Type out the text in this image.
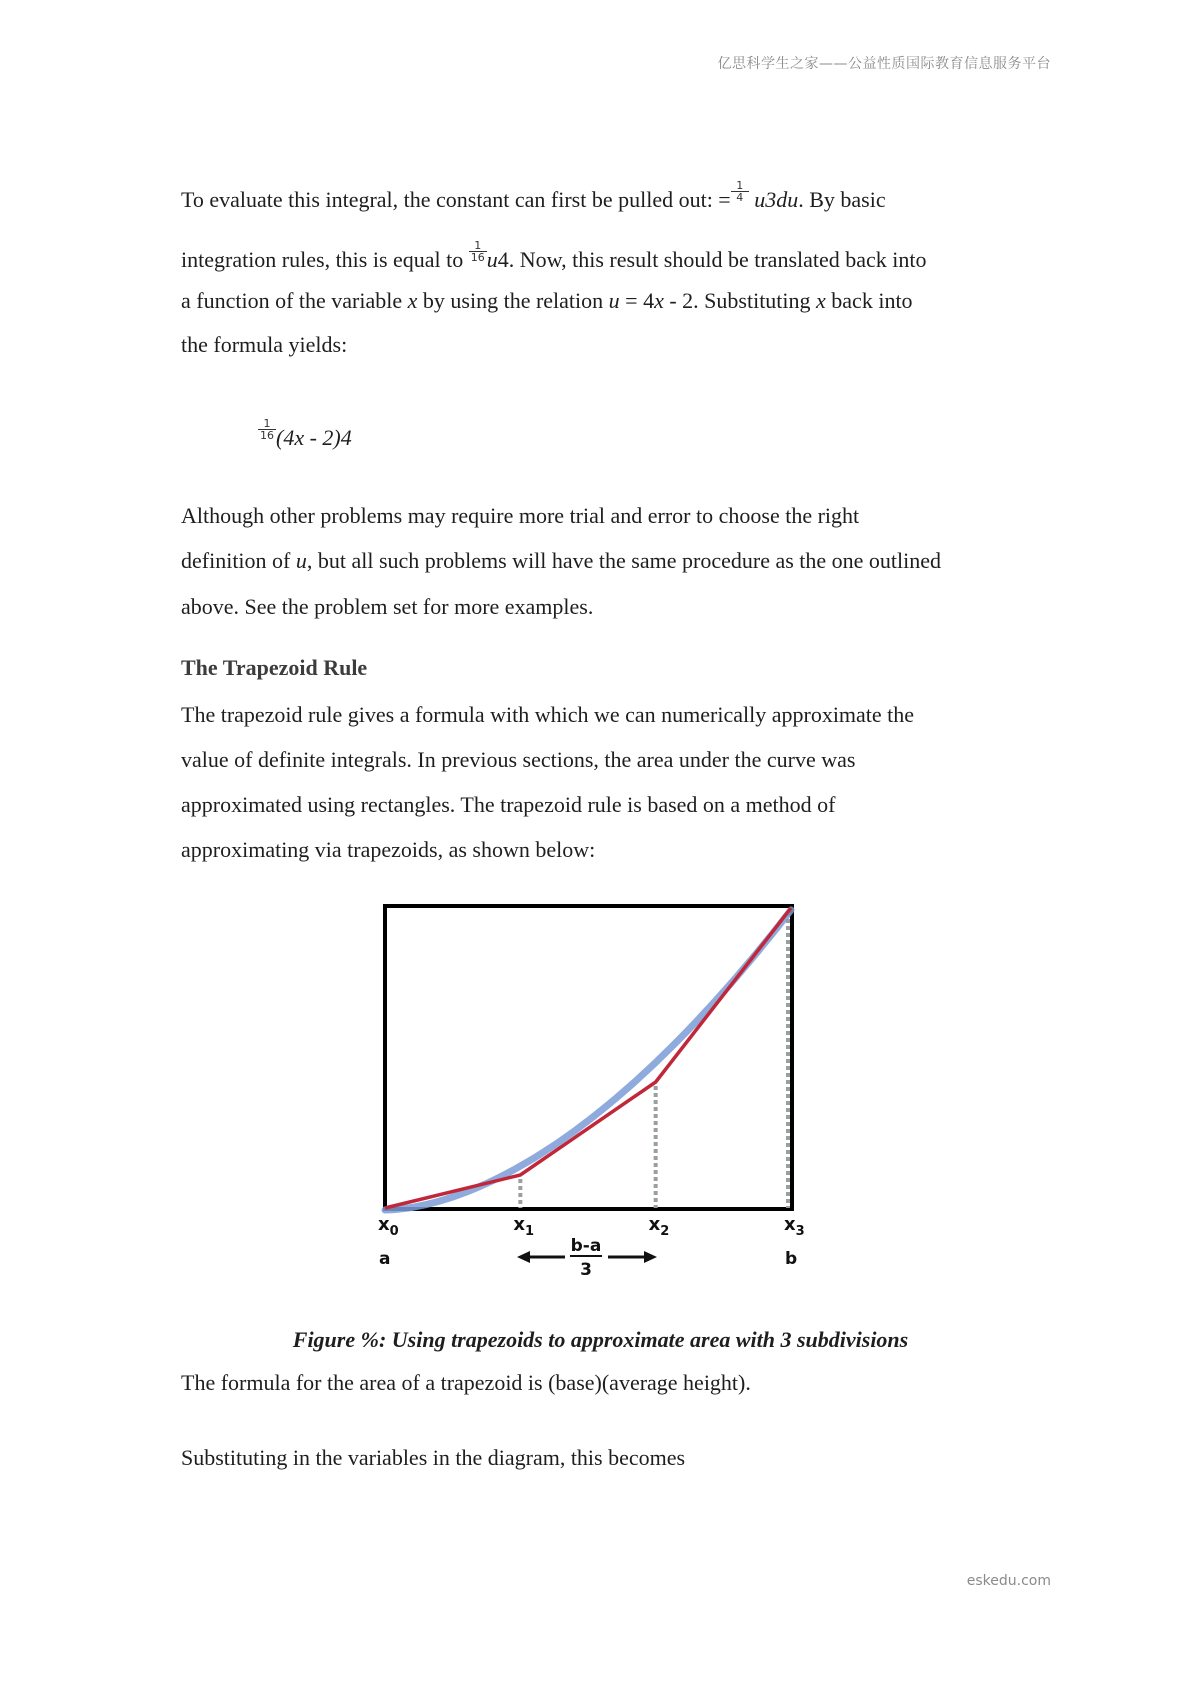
亿思科学生之家——公益性质国际教育信息服务平台
To evaluate this integral, the constant can first be pulled out: = $\frac{1}{4} u3du$. By basic
integration rules, this is equal to $\frac{1}{16} u4$. Now, this result should be translated back into
a function of the variable x by using the relation u = 4x - 2. Substituting x back into
the formula yields:
$\frac{1}{16} (4x - 2)4$
Although other problems may require more trial and error to choose the right
definition of u, but all such problems will have the same procedure as the one outlined
above. See the problem set for more examples.
The Trapezoid Rule
The trapezoid rule gives a formula with which we can numerically approximate the
value of definite integrals. In previous sections, the area under the curve was
approximated using rectangles. The trapezoid rule is based on a method of
approximating via trapezoids, as shown below:
$x_0$
a
$x_1$	$x_2$	$x_3$
b
b-a
3
Figure %: Using trapezoids to approximate area with 3 subdivisions
The formula for the area of a trapezoid is (base)(average height).
Substituting in the variables in the diagram, this becomes
eskedu.com
